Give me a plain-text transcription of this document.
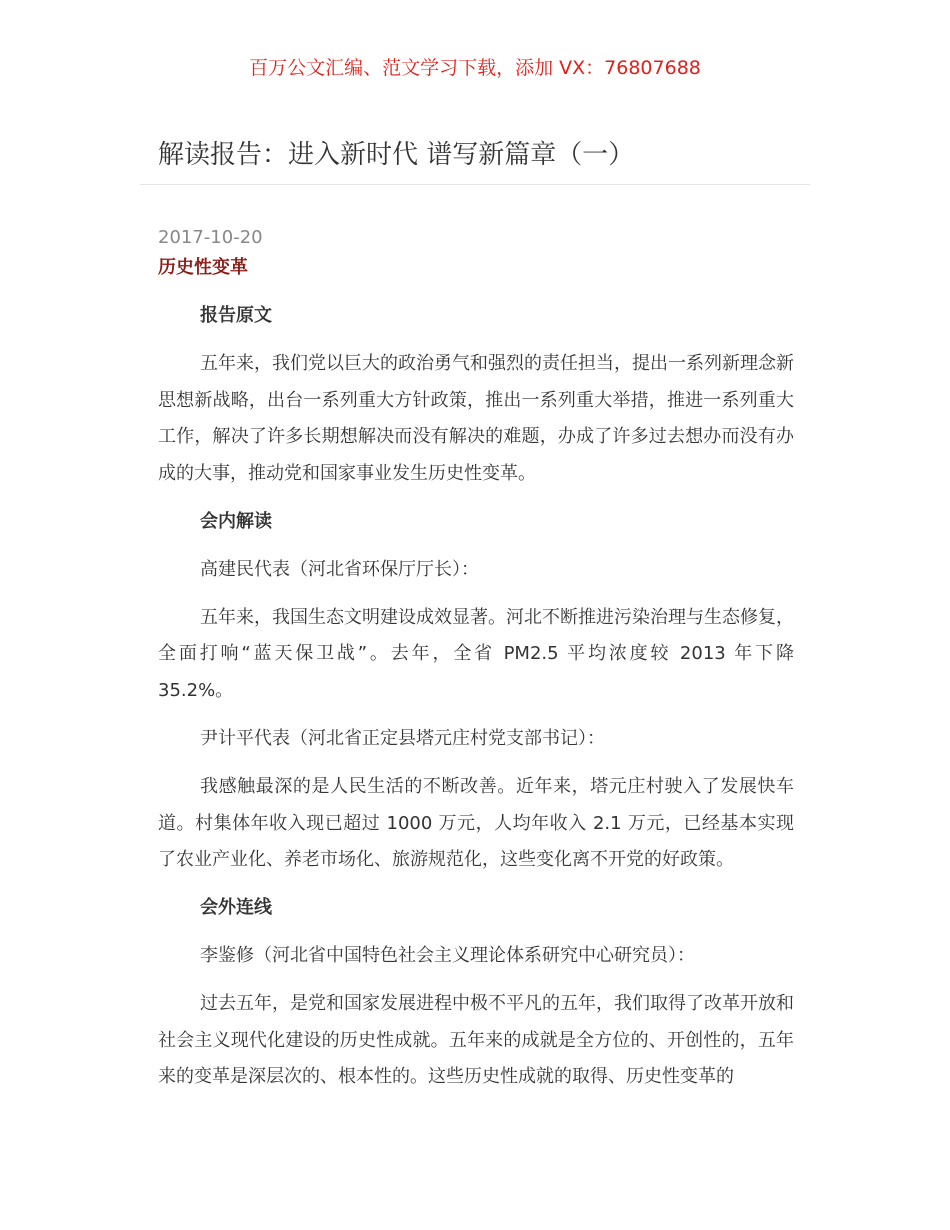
百万公文汇编、范文学习下载，添加 VX：76807688
解读报告：进入新时代 谱写新篇章（一）
2017-10-20
历史性变革

报告原文

五年来，我们党以巨大的政治勇气和强烈的责任担当，提出一系列新理念新思想新战略，出台一系列重大方针政策，推出一系列重大举措，推进一系列重大工作，解决了许多长期想解决而没有解决的难题，办成了许多过去想办而没有办成的大事，推动党和国家事业发生历史性变革。

会内解读

高建民代表（河北省环保厅厅长）：

五年来，我国生态文明建设成效显著。河北不断推进污染治理与生态修复，全面打响“蓝天保卫战”。去年，全省 PM2.5 平均浓度较 2013 年下降 35.2%。

尹计平代表（河北省正定县塔元庄村党支部书记）：

我感触最深的是人民生活的不断改善。近年来，塔元庄村驶入了发展快车道。村集体年收入现已超过 1000 万元，人均年收入 2.1 万元，已经基本实现了农业产业化、养老市场化、旅游规范化，这些变化离不开党的好政策。

会外连线

李鉴修（河北省中国特色社会主义理论体系研究中心研究员）：

过去五年，是党和国家发展进程中极不平凡的五年，我们取得了改革开放和社会主义现代化建设的历史性成就。五年来的成就是全方位的、开创性的，五年来的变革是深层次的、根本性的。这些历史性成就的取得、历史性变革的
